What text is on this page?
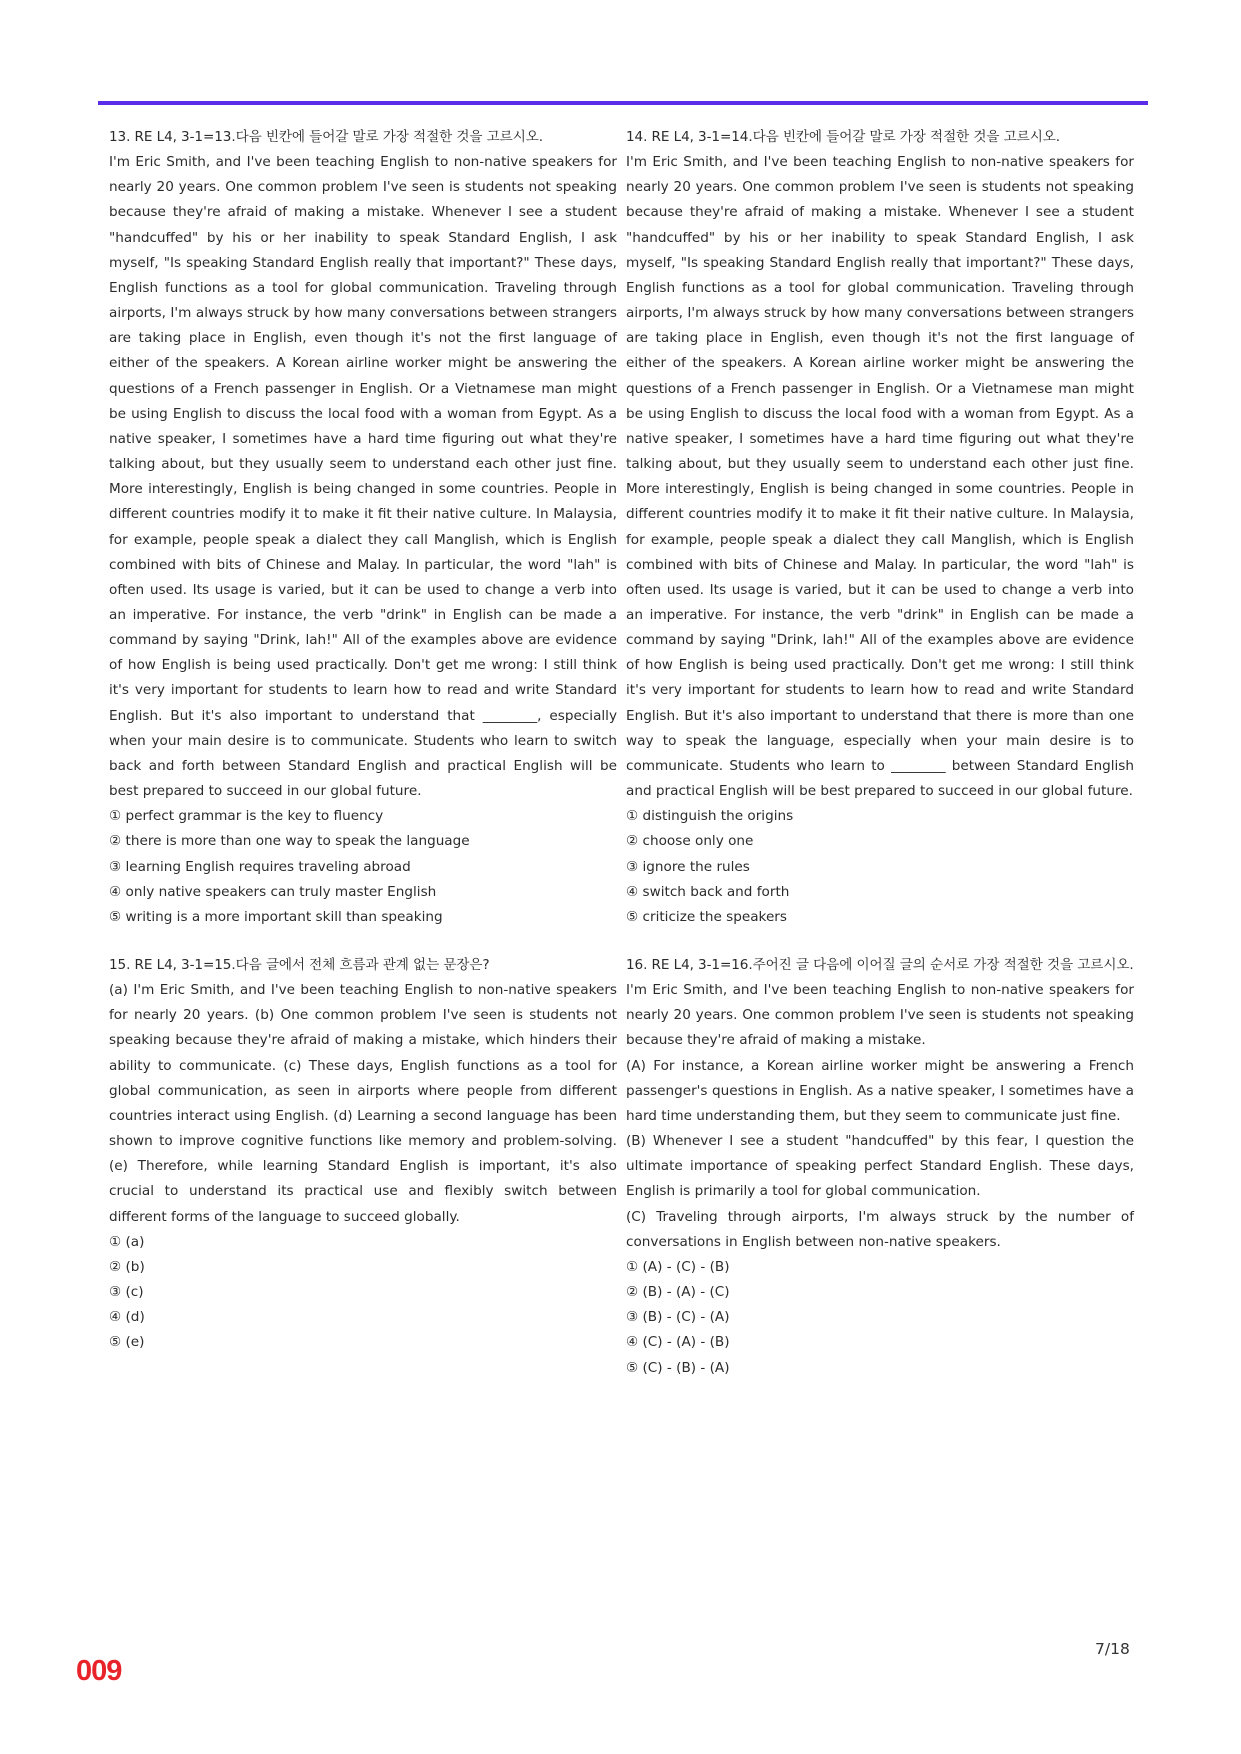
13. RE L4, 3-1=13.다음 빈칸에 들어갈 말로 가장 적절한 것을 고르시오.

I'm Eric Smith, and I've been teaching English to non-native speakers for nearly 20 years. One common problem I've seen is students not speaking because they're afraid of making a mistake. Whenever I see a student "handcuffed" by his or her inability to speak Standard English, I ask myself, "Is speaking Standard English really that important?" These days, English functions as a tool for global communication. Traveling through airports, I'm always struck by how many conversations between strangers are taking place in English, even though it's not the first language of either of the speakers. A Korean airline worker might be answering the questions of a French passenger in English. Or a Vietnamese man might be using English to discuss the local food with a woman from Egypt. As a native speaker, I sometimes have a hard time figuring out what they're talking about, but they usually seem to understand each other just fine. More interestingly, English is being changed in some countries. People in different countries modify it to make it fit their native culture. In Malaysia, for example, people speak a dialect they call Manglish, which is English combined with bits of Chinese and Malay. In particular, the word "lah" is often used. Its usage is varied, but it can be used to change a verb into an imperative. For instance, the verb "drink" in English can be made a command by saying "Drink, lah!" All of the examples above are evidence of how English is being used practically. Don't get me wrong: I still think it's very important for students to learn how to read and write Standard English. But it's also important to understand that ________, especially when your main desire is to communicate. Students who learn to switch back and forth between Standard English and practical English will be best prepared to succeed in our global future.

① perfect grammar is the key to fluency
② there is more than one way to speak the language
③ learning English requires traveling abroad
④ only native speakers can truly master English
⑤ writing is a more important skill than speaking

14. RE L4, 3-1=14.다음 빈칸에 들어갈 말로 가장 적절한 것을 고르시오.

I'm Eric Smith, and I've been teaching English to non-native speakers for nearly 20 years. One common problem I've seen is students not speaking because they're afraid of making a mistake. Whenever I see a student "handcuffed" by his or her inability to speak Standard English, I ask myself, "Is speaking Standard English really that important?" These days, English functions as a tool for global communication. Traveling through airports, I'm always struck by how many conversations between strangers are taking place in English, even though it's not the first language of either of the speakers. A Korean airline worker might be answering the questions of a French passenger in English. Or a Vietnamese man might be using English to discuss the local food with a woman from Egypt. As a native speaker, I sometimes have a hard time figuring out what they're talking about, but they usually seem to understand each other just fine. More interestingly, English is being changed in some countries. People in different countries modify it to make it fit their native culture. In Malaysia, for example, people speak a dialect they call Manglish, which is English combined with bits of Chinese and Malay. In particular, the word "lah" is often used. Its usage is varied, but it can be used to change a verb into an imperative. For instance, the verb "drink" in English can be made a command by saying "Drink, lah!" All of the examples above are evidence of how English is being used practically. Don't get me wrong: I still think it's very important for students to learn how to read and write Standard English. But it's also important to understand that there is more than one way to speak the language, especially when your main desire is to communicate. Students who learn to ________ between Standard English and practical English will be best prepared to succeed in our global future.

① distinguish the origins
② choose only one
③ ignore the rules
④ switch back and forth
⑤ criticize the speakers

15. RE L4, 3-1=15.다음 글에서 전체 흐름과 관계 없는 문장은?

(a) I'm Eric Smith, and I've been teaching English to non-native speakers for nearly 20 years. (b) One common problem I've seen is students not speaking because they're afraid of making a mistake, which hinders their ability to communicate. (c) These days, English functions as a tool for global communication, as seen in airports where people from different countries interact using English. (d) Learning a second language has been shown to improve cognitive functions like memory and problem-solving. (e) Therefore, while learning Standard English is important, it's also crucial to understand its practical use and flexibly switch between different forms of the language to succeed globally.

① (a)
② (b)
③ (c)
④ (d)
⑤ (e)

16. RE L4, 3-1=16.주어진 글 다음에 이어질 글의 순서로 가장 적절한 것을 고르시오.

I'm Eric Smith, and I've been teaching English to non-native speakers for nearly 20 years. One common problem I've seen is students not speaking because they're afraid of making a mistake.

(A) For instance, a Korean airline worker might be answering a French passenger's questions in English. As a native speaker, I sometimes have a hard time understanding them, but they seem to communicate just fine.

(B) Whenever I see a student "handcuffed" by this fear, I question the ultimate importance of speaking perfect Standard English. These days, English is primarily a tool for global communication.

(C) Traveling through airports, I'm always struck by the number of conversations in English between non-native speakers.

① (A) - (C) - (B)
② (B) - (A) - (C)
③ (B) - (C) - (A)
④ (C) - (A) - (B)
⑤ (C) - (B) - (A)
7/18
009
